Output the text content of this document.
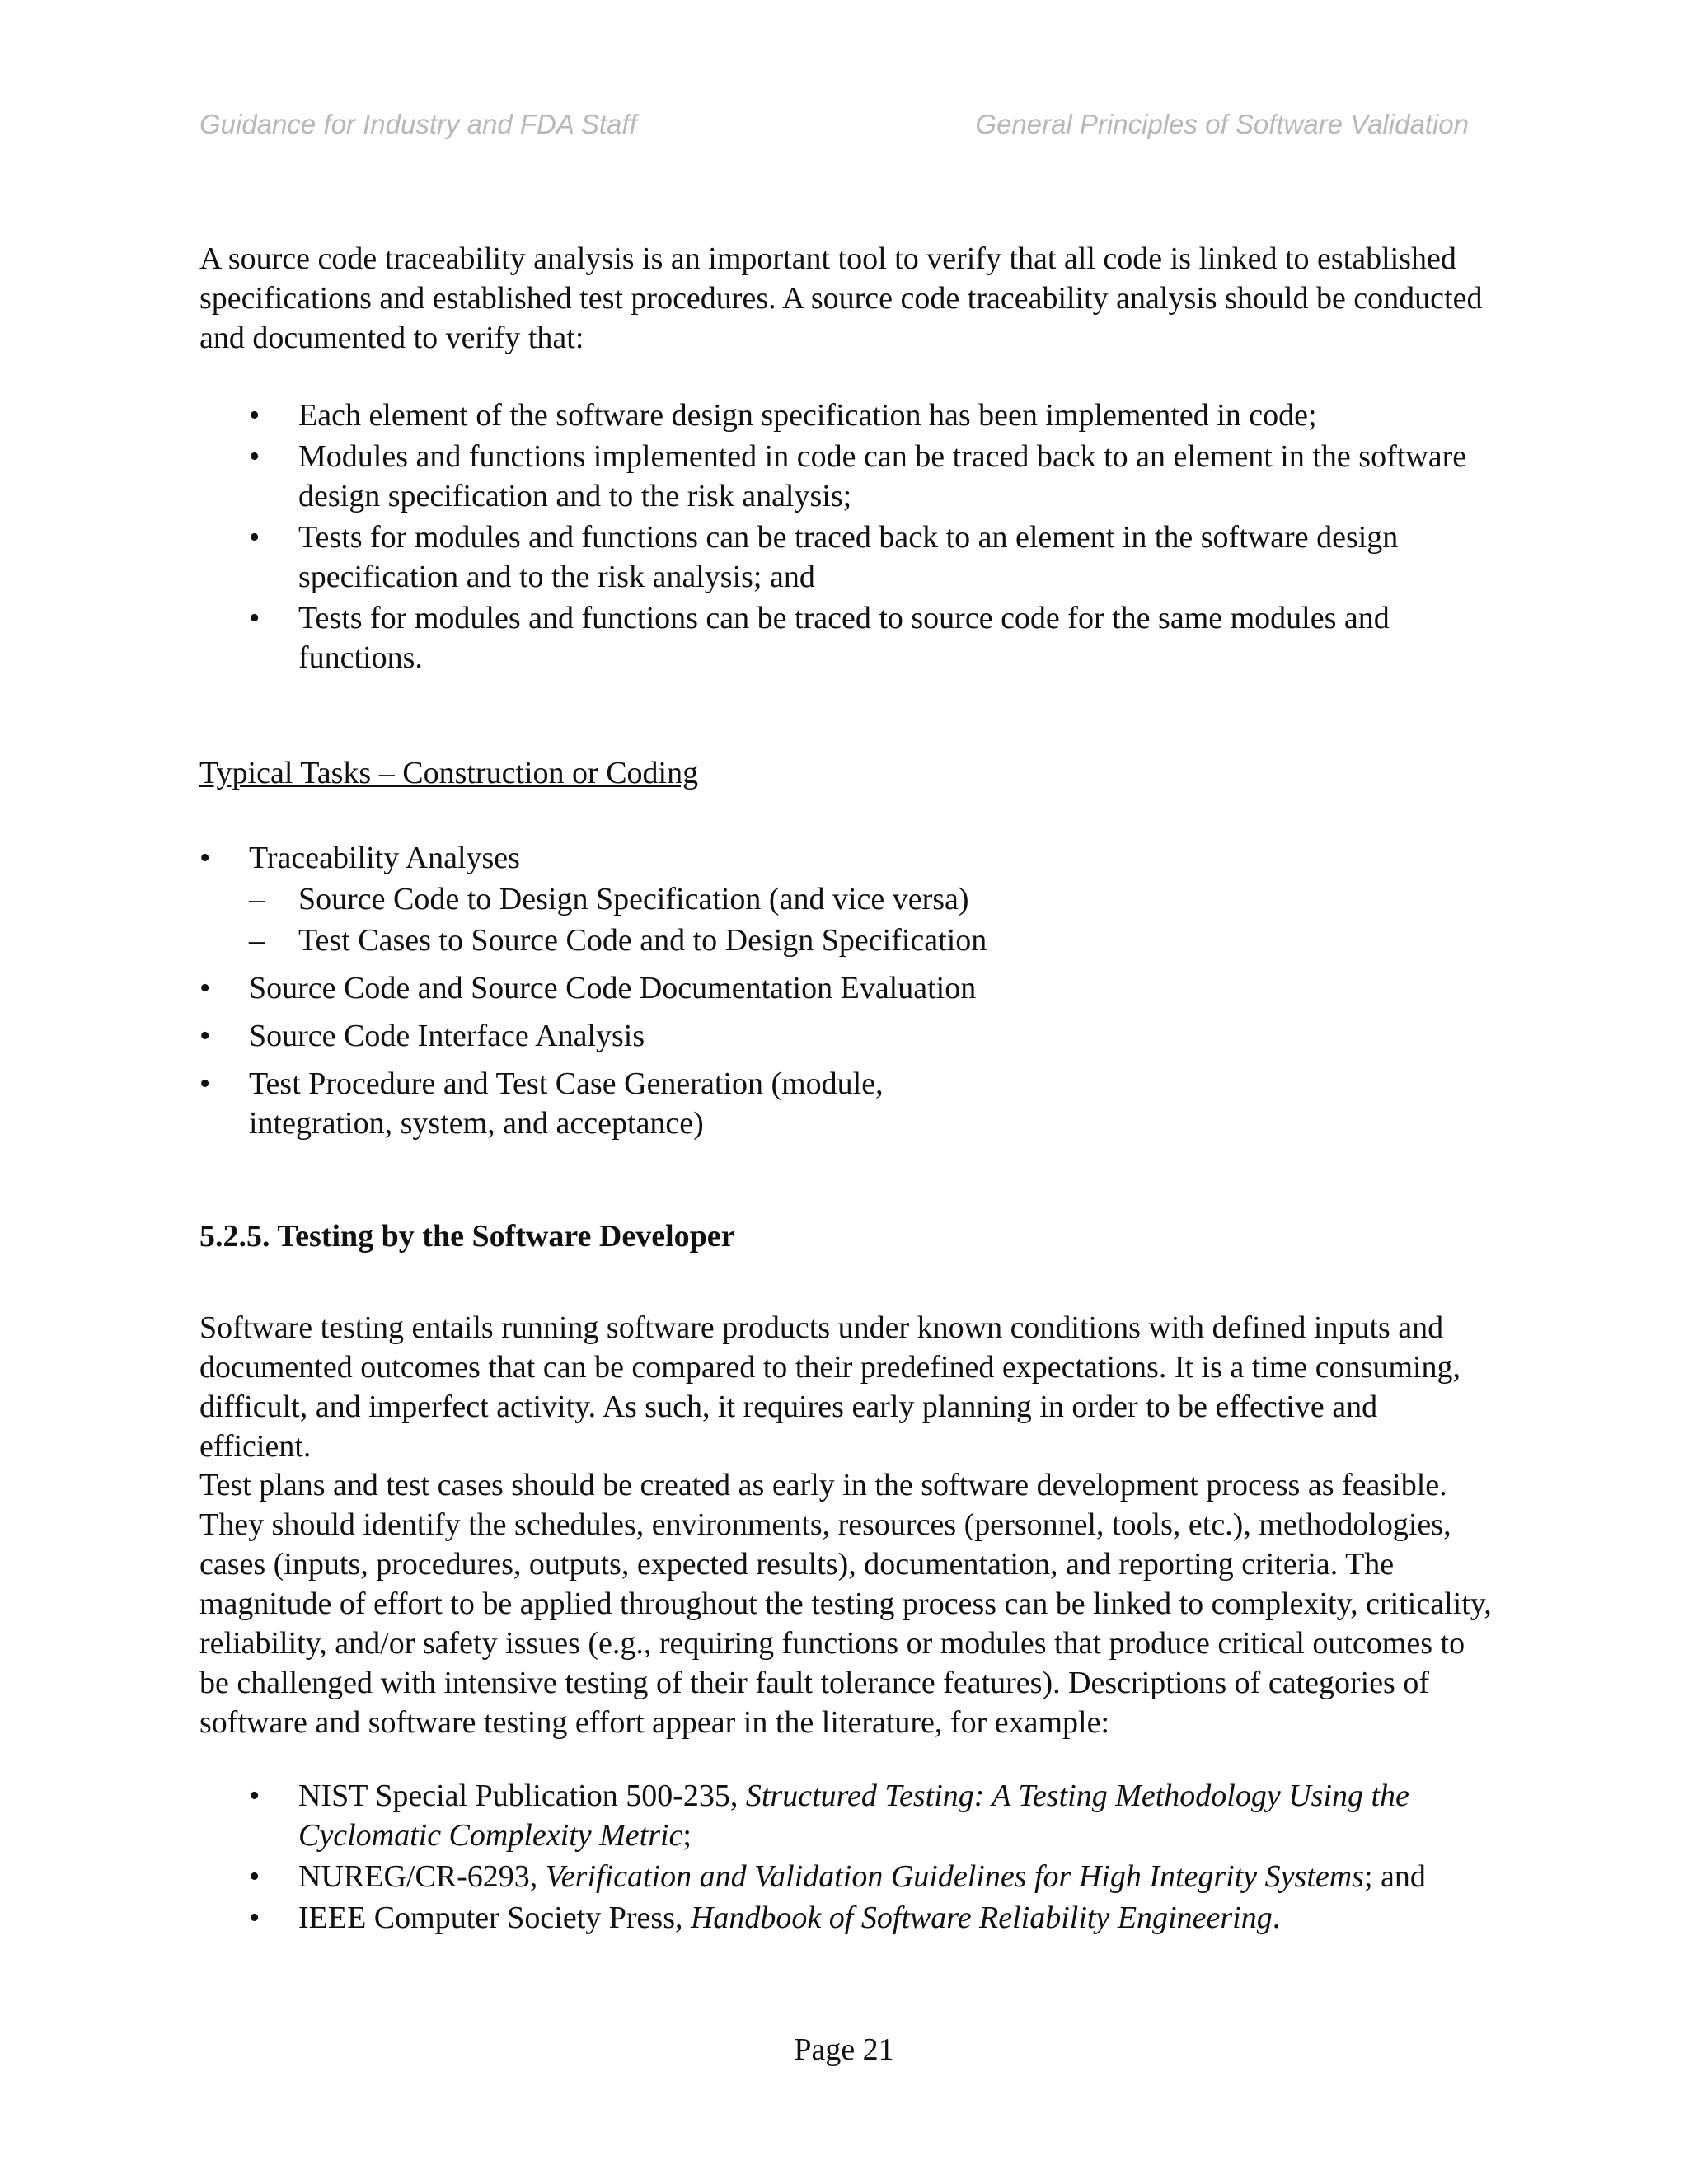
Guidance for Industry and FDA Staff	General Principles of Software Validation
A source code traceability analysis is an important tool to verify that all code is linked to established specifications and established test procedures. A source code traceability analysis should be conducted and documented to verify that:
•	Each element of the software design specification has been implemented in code;
•	Modules and functions implemented in code can be traced back to an element in the software design specification and to the risk analysis;
•	Tests for modules and functions can be traced back to an element in the software design specification and to the risk analysis; and
•	Tests for modules and functions can be traced to source code for the same modules and functions.
Typical Tasks – Construction or Coding
• Traceability Analyses
– Source Code to Design Specification (and vice versa)
– Test Cases to Source Code and to Design Specification
• Source Code and Source Code Documentation Evaluation
• Source Code Interface Analysis
• Test Procedure and Test Case Generation (module, integration, system, and acceptance)
5.2.5. Testing by the Software Developer
Software testing entails running software products under known conditions with defined inputs and documented outcomes that can be compared to their predefined expectations. It is a time consuming, difficult, and imperfect activity. As such, it requires early planning in order to be effective and efficient.
Test plans and test cases should be created as early in the software development process as feasible. They should identify the schedules, environments, resources (personnel, tools, etc.), methodologies, cases (inputs, procedures, outputs, expected results), documentation, and reporting criteria. The magnitude of effort to be applied throughout the testing process can be linked to complexity, criticality, reliability, and/or safety issues (e.g., requiring functions or modules that produce critical outcomes to be challenged with intensive testing of their fault tolerance features). Descriptions of categories of software and software testing effort appear in the literature, for example:
•	NIST Special Publication 500-235, Structured Testing: A Testing Methodology Using the Cyclomatic Complexity Metric;
•	NUREG/CR-6293, Verification and Validation Guidelines for High Integrity Systems; and
•	IEEE Computer Society Press, Handbook of Software Reliability Engineering.
Page 21
